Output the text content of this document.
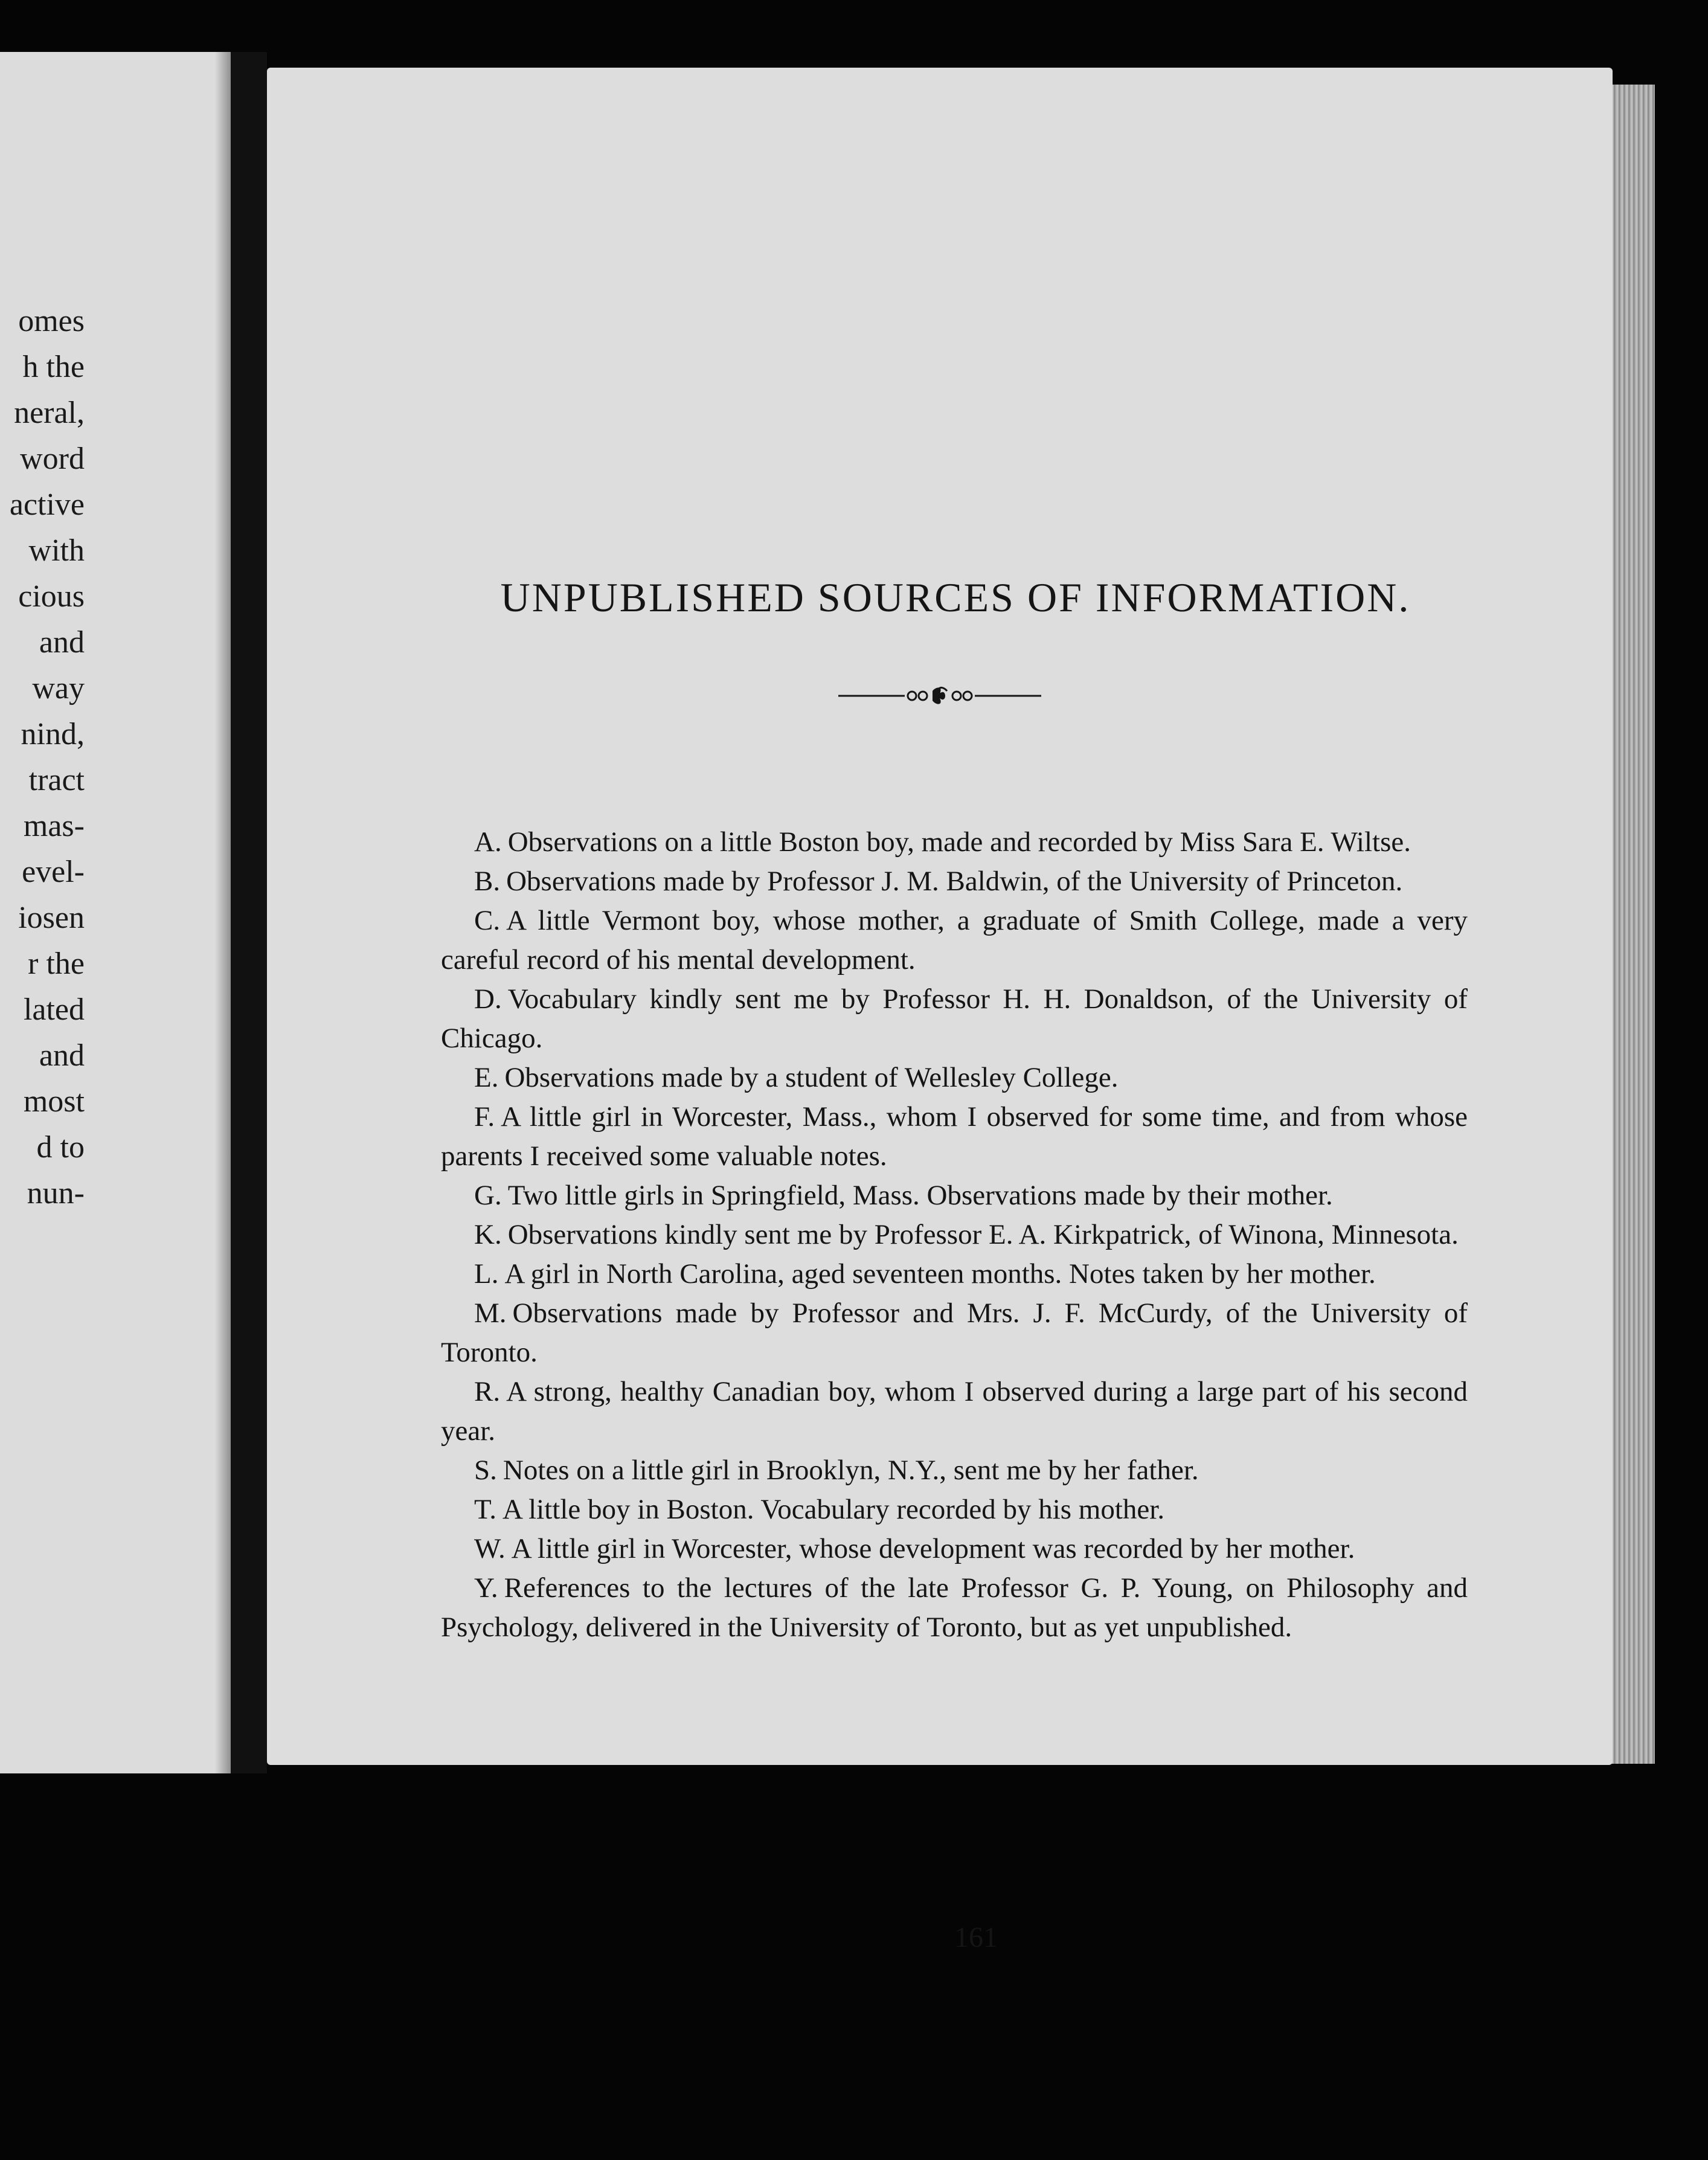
omes
h the
neral,
word
active
with
cious
and
way
nind,
tract
mas-
evel-
iosen
r the
lated
and
most
d to
nun-
UNPUBLISHED SOURCES OF INFORMATION.

A. Observations on a little Boston boy, made and recorded by Miss Sara E. Wiltse.

B. Observations made by Professor J. M. Baldwin, of the University of Princeton.

C. A little Vermont boy, whose mother, a graduate of Smith College, made a very careful record of his mental development.

D. Vocabulary kindly sent me by Professor H. H. Donaldson, of the University of Chicago.

E. Observations made by a student of Wellesley College.

F. A little girl in Worcester, Mass., whom I observed for some time, and from whose parents I received some valuable notes.

G. Two little girls in Springfield, Mass. Observations made by their mother.

K. Observations kindly sent me by Professor E. A. Kirkpatrick, of Winona, Minnesota.

L. A girl in North Carolina, aged seventeen months. Notes taken by her mother.

M. Observations made by Professor and Mrs. J. F. McCurdy, of the University of Toronto.

R. A strong, healthy Canadian boy, whom I observed during a large part of his second year.

S. Notes on a little girl in Brooklyn, N.Y., sent me by her father.

T. A little boy in Boston. Vocabulary recorded by his mother.

W. A little girl in Worcester, whose development was recorded by her mother.

Y. References to the lectures of the late Professor G. P. Young, on Philosophy and Psychology, delivered in the University of Toronto, but as yet unpublished.

161
